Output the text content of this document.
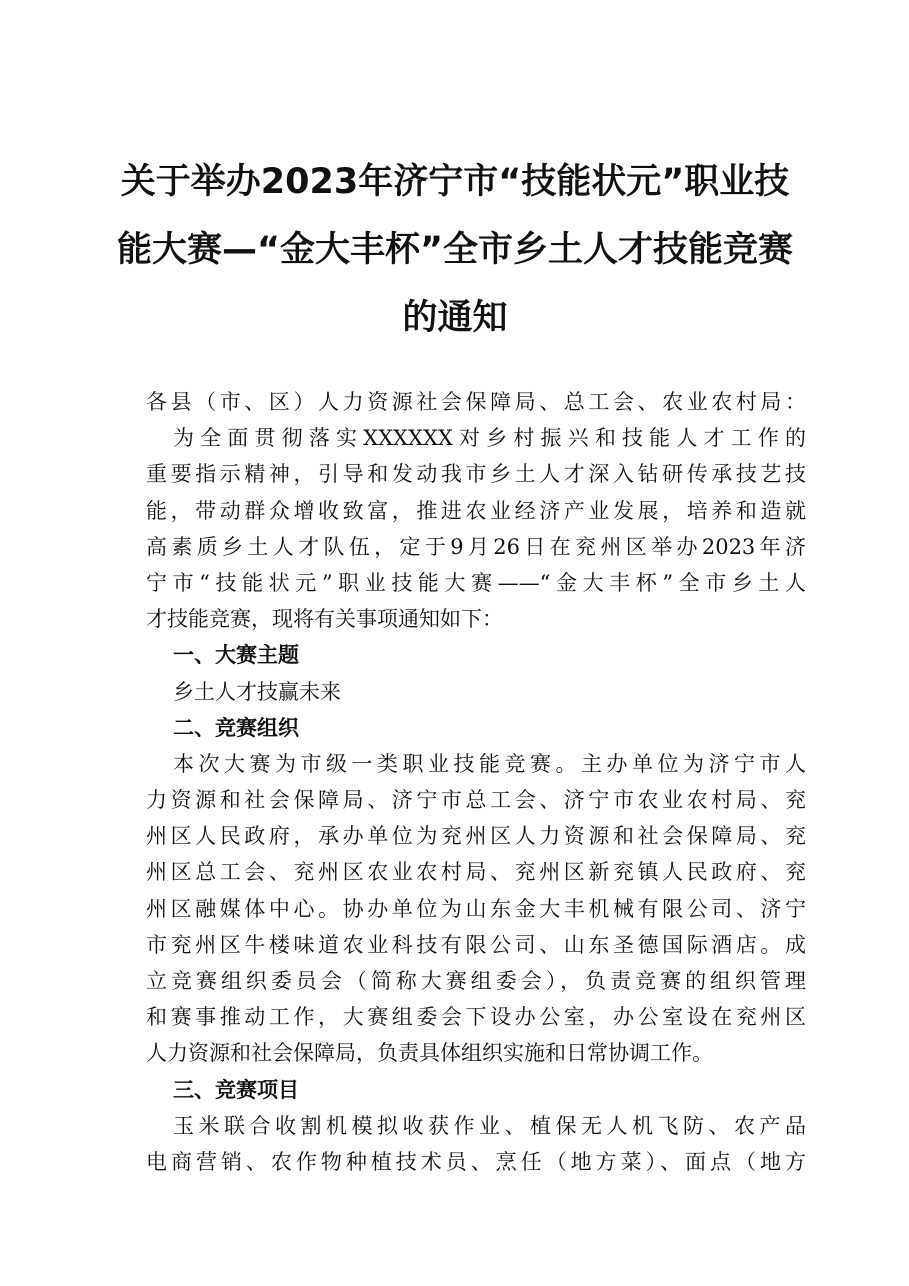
关于举办2023年济宁市“技能状元”职业技
能大赛—“金大丰杯”全市乡土人才技能竞赛
的通知
各县（市、区）人力资源社会保障局、总工会、农业农村局：
为全面贯彻落实XXXXXX对乡村振兴和技能人才工作的
重要指示精神，引导和发动我市乡土人才深入钻研传承技艺技
能，带动群众增收致富，推进农业经济产业发展，培养和造就
高素质乡土人才队伍，定于9月26日在兖州区举办2023年济
宁市“技能状元”职业技能大赛——“金大丰杯”全市乡土人
才技能竞赛，现将有关事项通知如下：
一、大赛主题
乡土人才技赢未来
二、竞赛组织
本次大赛为市级一类职业技能竞赛。主办单位为济宁市人
力资源和社会保障局、济宁市总工会、济宁市农业农村局、兖
州区人民政府，承办单位为兖州区人力资源和社会保障局、兖
州区总工会、兖州区农业农村局、兖州区新兖镇人民政府、兖
州区融媒体中心。协办单位为山东金大丰机械有限公司、济宁
市兖州区牛楼味道农业科技有限公司、山东圣德国际酒店。成
立竞赛组织委员会（简称大赛组委会），负责竞赛的组织管理
和赛事推动工作，大赛组委会下设办公室，办公室设在兖州区
人力资源和社会保障局，负责具体组织实施和日常协调工作。
三、竞赛项目
玉米联合收割机模拟收获作业、植保无人机飞防、农产品
电商营销、农作物种植技术员、烹任（地方菜）、面点（地方
